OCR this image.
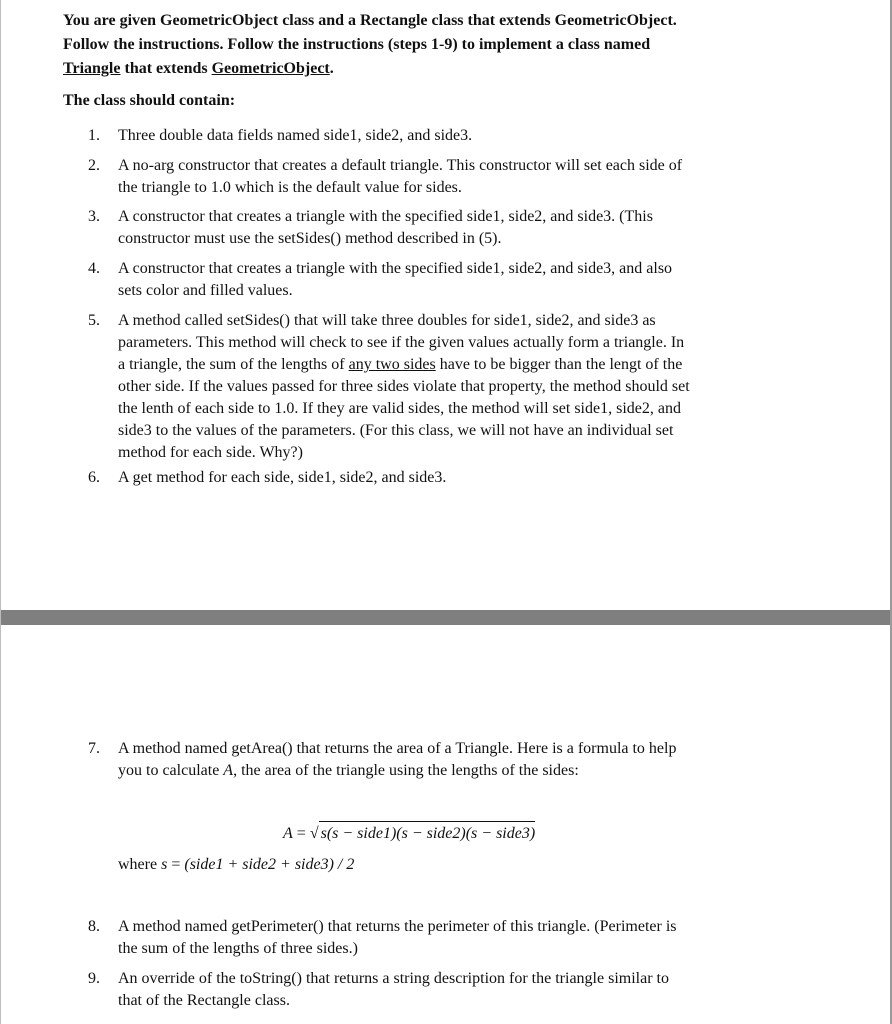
You are given GeometricObject class and a Rectangle class that extends GeometricObject.
Follow the instructions. Follow the instructions (steps 1-9) to implement a class named
Triangle that extends GeometricObject.
The class should contain:
1.	Three double data fields named side1, side2, and side3.
2.	A no-arg constructor that creates a default triangle. This constructor will set each side of
the triangle to 1.0 which is the default value for sides.
3.	A constructor that creates a triangle with the specified side1, side2, and side3. (This
constructor must use the setSides() method described in (5).
4.	A constructor that creates a triangle with the specified side1, side2, and side3, and also
sets color and filled values.
5.	A method called setSides() that will take three doubles for side1, side2, and side3 as
parameters. This method will check to see if the given values actually form a triangle. In
a triangle, the sum of the lengths of any two sides have to be bigger than the lengt of the
other side. If the values passed for three sides violate that property, the method should set
the lenth of each side to 1.0. If they are valid sides, the method will set side1, side2, and
side3 to the values of the parameters. (For this class, we will not have an individual set
method for each side. Why?)
6.	A get method for each side, side1, side2, and side3.
7.	A method named getArea() that returns the area of a Triangle. Here is a formula to help
you to calculate A, the area of the triangle using the lengths of the sides:
A = √ s(s − side1)(s − side2)(s − side3)
where s = (side1 + side2 + side3) / 2
8.	A method named getPerimeter() that returns the perimeter of this triangle. (Perimeter is
the sum of the lengths of three sides.)
9.	An override of the toString() that returns a string description for the triangle similar to
that of the Rectangle class.
